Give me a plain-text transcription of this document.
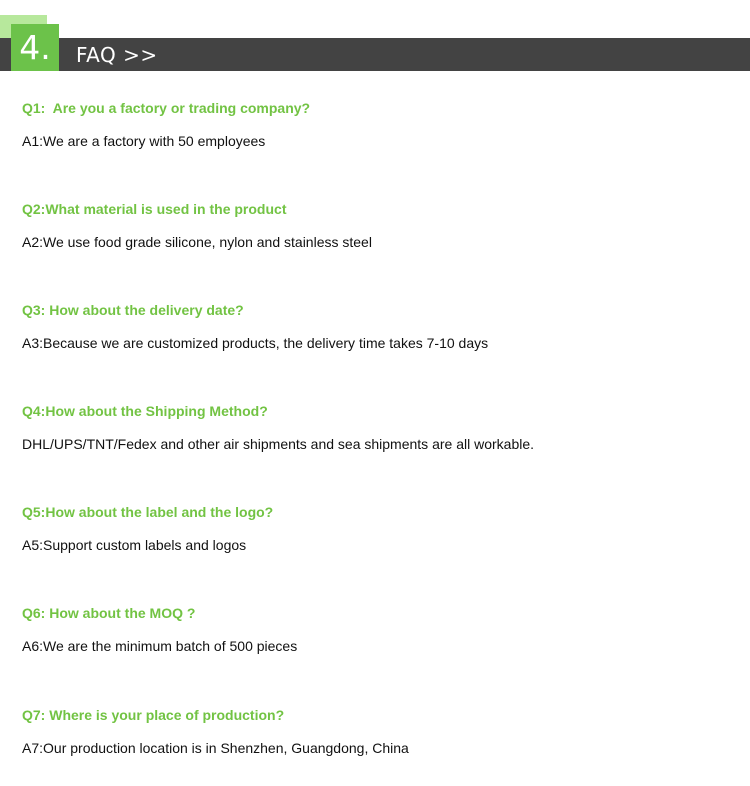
4.	FAQ >>
Q1:  Are you a factory or trading company?
A1:We are a factory with 50 employees
Q2:What material is used in the product
A2:We use food grade silicone, nylon and stainless steel
Q3: How about the delivery date?
A3:Because we are customized products, the delivery time takes 7-10 days
Q4:How about the Shipping Method?
DHL/UPS/TNT/Fedex and other air shipments and sea shipments are all workable.
Q5:How about the label and the logo?
A5:Support custom labels and logos
Q6: How about the MOQ ?
A6:We are the minimum batch of 500 pieces
Q7: Where is your place of production?
A7:Our production location is in Shenzhen, Guangdong, China
